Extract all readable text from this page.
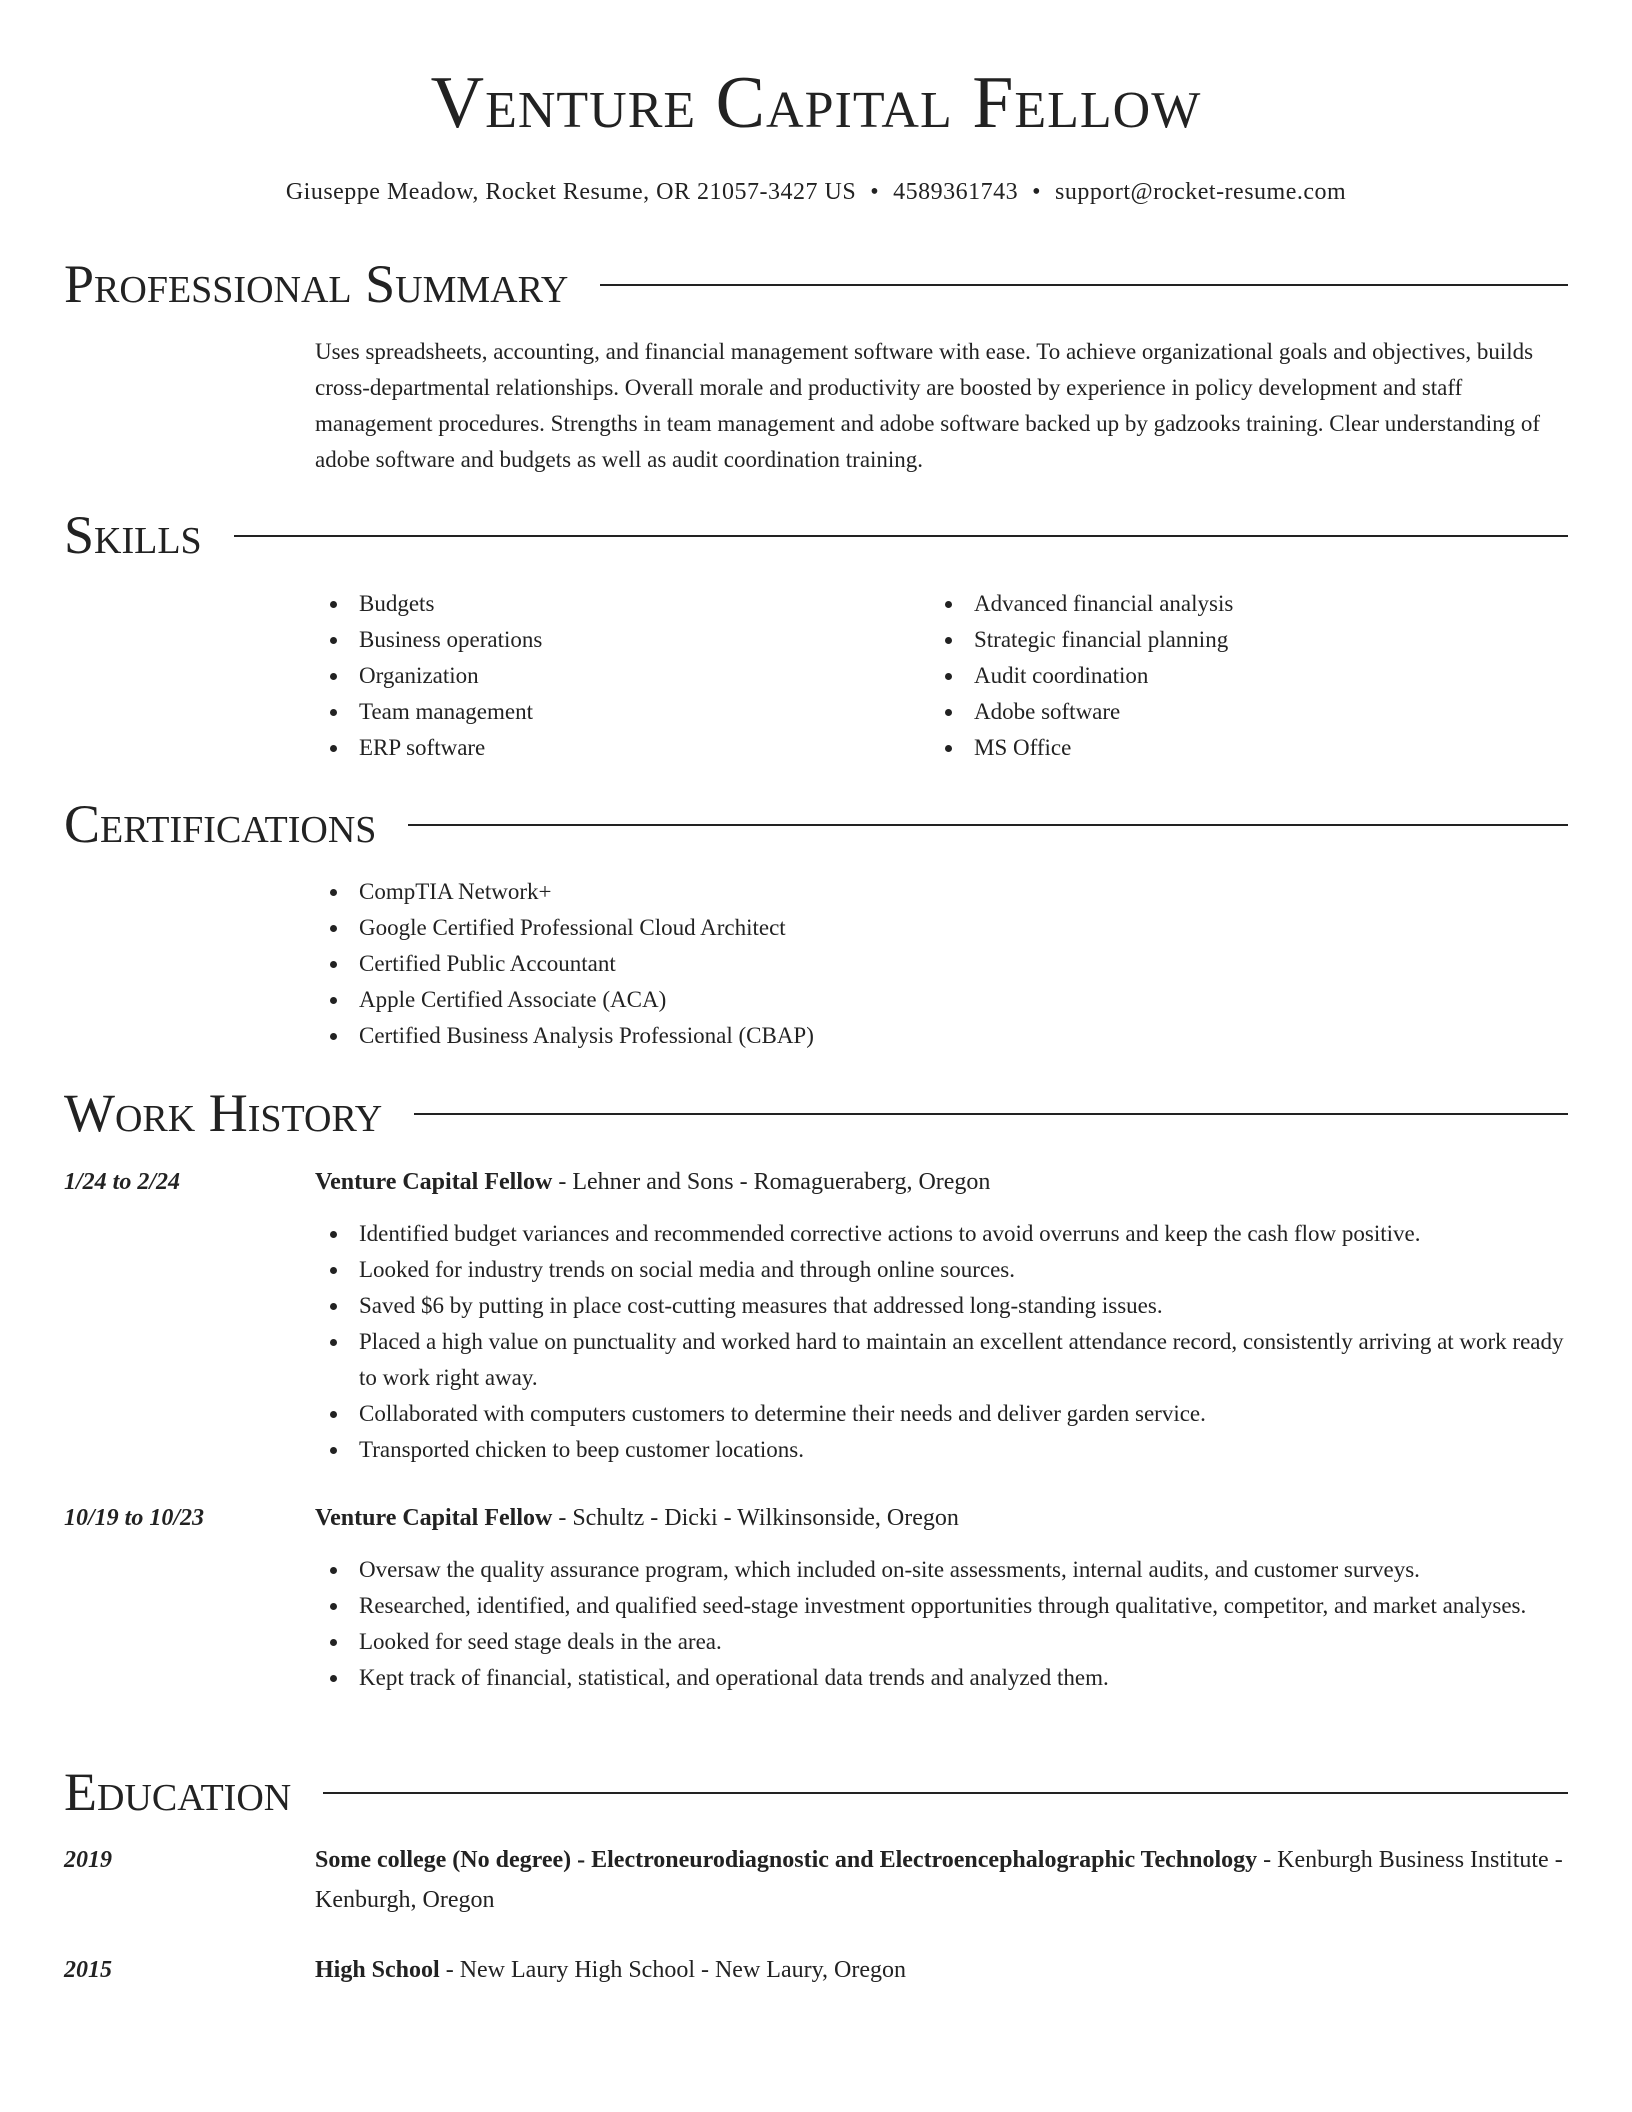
Venture Capital Fellow
Giuseppe Meadow, Rocket Resume, OR 21057-3427 US • 4589361743 • support@rocket-resume.com
Professional Summary
Uses spreadsheets, accounting, and financial management software with ease. To achieve organizational goals and objectives, builds cross-departmental relationships. Overall morale and productivity are boosted by experience in policy development and staff management procedures. Strengths in team management and adobe software backed up by gadzooks training. Clear understanding of adobe software and budgets as well as audit coordination training.
Skills
Budgets
Business operations
Organization
Team management
ERP software
Advanced financial analysis
Strategic financial planning
Audit coordination
Adobe software
MS Office
Certifications
CompTIA Network+
Google Certified Professional Cloud Architect
Certified Public Accountant
Apple Certified Associate (ACA)
Certified Business Analysis Professional (CBAP)
Work History
1/24 to 2/24	Venture Capital Fellow - Lehner and Sons - Romagueraberg, Oregon
Identified budget variances and recommended corrective actions to avoid overruns and keep the cash flow positive.
Looked for industry trends on social media and through online sources.
Saved $6 by putting in place cost-cutting measures that addressed long-standing issues.
Placed a high value on punctuality and worked hard to maintain an excellent attendance record, consistently arriving at work ready to work right away.
Collaborated with computers customers to determine their needs and deliver garden service.
Transported chicken to beep customer locations.
10/19 to 10/23	Venture Capital Fellow - Schultz - Dicki - Wilkinsonside, Oregon
Oversaw the quality assurance program, which included on-site assessments, internal audits, and customer surveys.
Researched, identified, and qualified seed-stage investment opportunities through qualitative, competitor, and market analyses.
Looked for seed stage deals in the area.
Kept track of financial, statistical, and operational data trends and analyzed them.
Education
2019	Some college (No degree) - Electroneurodiagnostic and Electroencephalographic Technology - Kenburgh Business Institute - Kenburgh, Oregon
2015	High School - New Laury High School - New Laury, Oregon
